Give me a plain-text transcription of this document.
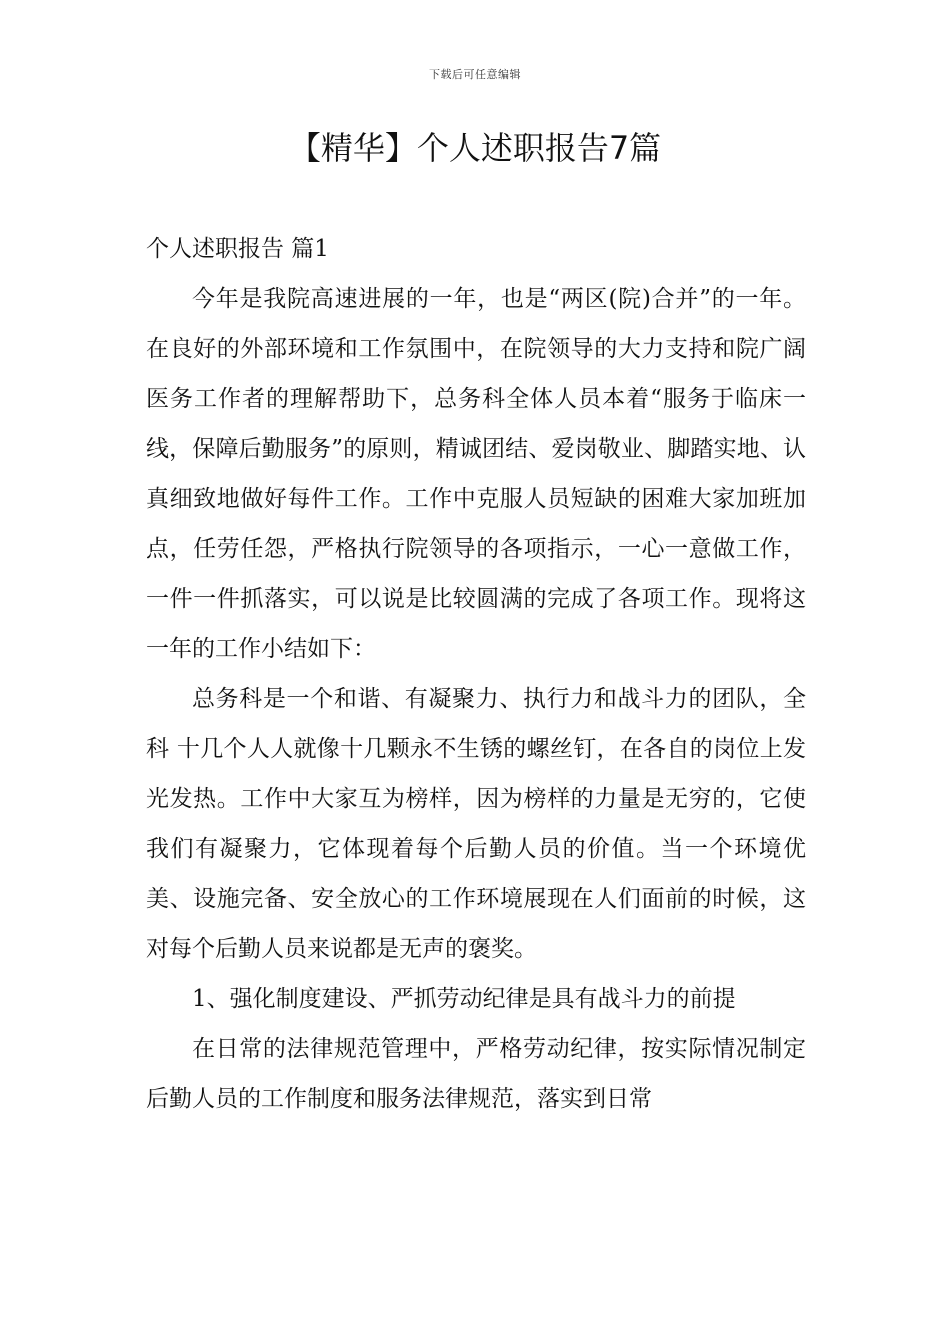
下载后可任意编辑
【精华】个人述职报告7篇

个人述职报告 篇1

今年是我院高速进展的一年，也是“两区(院)合并”的一年。在良好的外部环境和工作氛围中，在院领导的大力支持和院广阔医务工作者的理解帮助下，总务科全体人员本着“服务于临床一线，保障后勤服务”的原则，精诚团结、爱岗敬业、脚踏实地、认真细致地做好每件工作。工作中克服人员短缺的困难大家加班加点，任劳任怨，严格执行院领导的各项指示，一心一意做工作，一件一件抓落实，可以说是比较圆满的完成了各项工作。现将这一年的工作小结如下：

总务科是一个和谐、有凝聚力、执行力和战斗力的团队，全科 十几个人人就像十几颗永不生锈的螺丝钉，在各自的岗位上发光发热。工作中大家互为榜样，因为榜样的力量是无穷的，它使我们有凝聚力，它体现着每个后勤人员的价值。当一个环境优美、设施完备、安全放心的工作环境展现在人们面前的时候，这对每个后勤人员来说都是无声的褒奖。

1、强化制度建设、严抓劳动纪律是具有战斗力的前提

在日常的法律规范管理中，严格劳动纪律，按实际情况制定后勤人员的工作制度和服务法律规范，落实到日常
